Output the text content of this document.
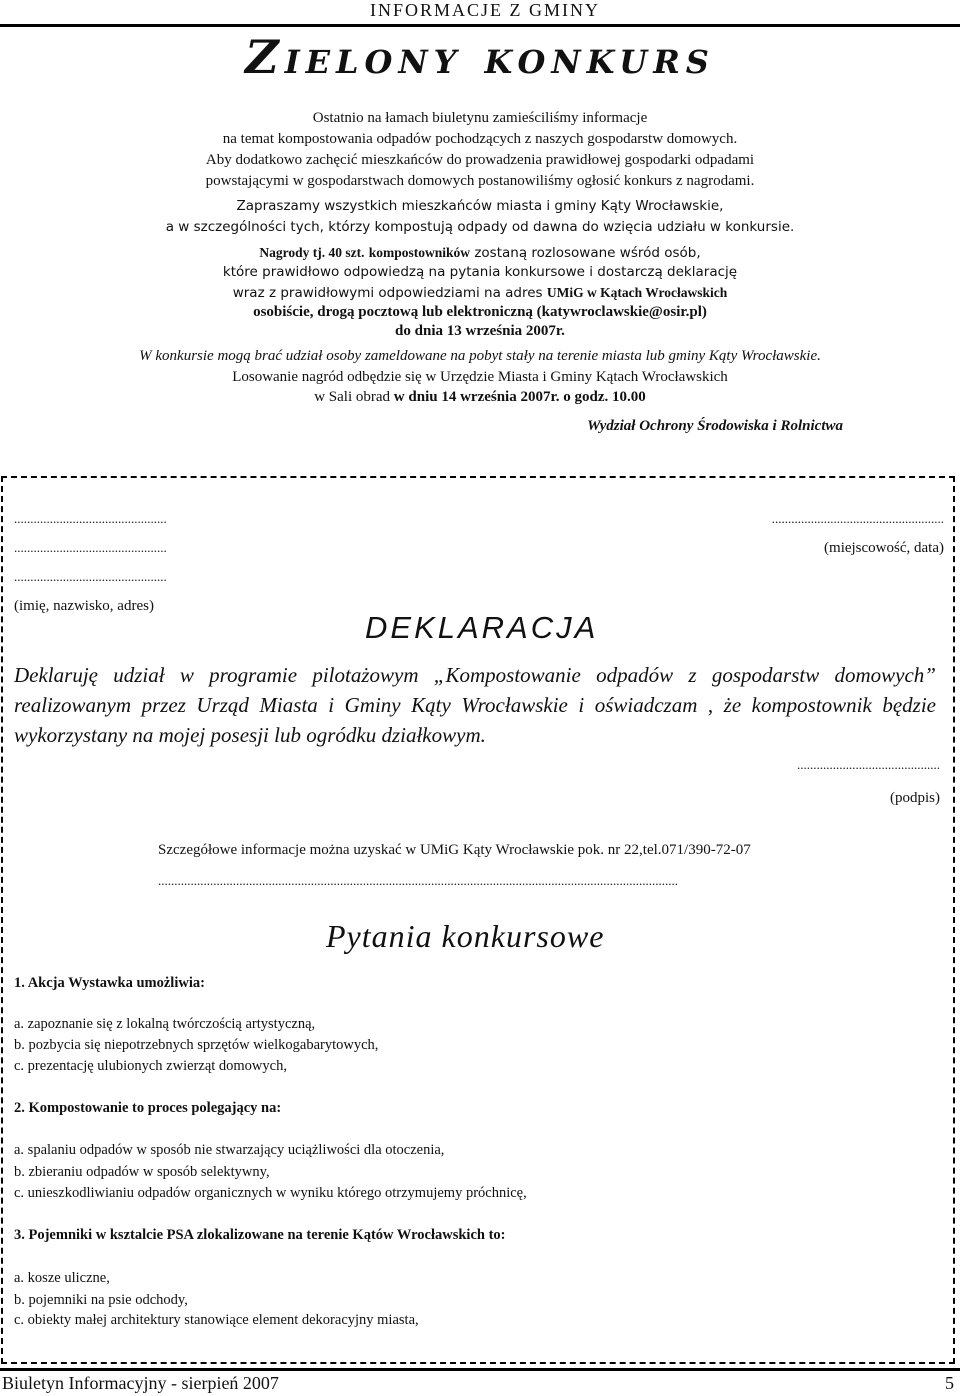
INFORMACJE Z GMINY
Zielony konkurs
Ostatnio na łamach biuletynu zamieściliśmy informacje
na temat kompostowania odpadów pochodzących z naszych gospodarstw domowych.
Aby dodatkowo zachęcić mieszkańców do prowadzenia prawidłowej gospodarki odpadami
powstającymi w gospodarstwach domowych postanowiliśmy ogłosić konkurs z nagrodami.
Zapraszamy wszystkich mieszkańców miasta i gminy Kąty Wrocławskie,
a w szczególności tych, którzy kompostują odpady od dawna do wzięcia udziału w konkursie.
Nagrody tj. 40 szt. kompostowników zostaną rozlosowane wśród osób,
które prawidłowo odpowiedzą na pytania konkursowe i dostarczą deklarację
wraz z prawidłowymi odpowiedziami na adres UMiG w Kątach Wrocławskich
osobiście, drogą pocztową lub elektroniczną (katywroclawskie@osir.pl)
do dnia 13 września 2007r.
W konkursie mogą brać udział osoby zameldowane na pobyt stały na terenie miasta lub gminy Kąty Wrocławskie.
Losowanie nagród odbędzie się w Urzędzie Miasta i Gminy Kątach Wrocławskich
w Sali obrad w dniu 14 września 2007r. o godz. 10.00
Wydział Ochrony Środowiska i Rolnictwa
...............................................
...............................................
...............................................
.....................................................
(miejscowość, data)
(imię, nazwisko, adres)
DEKLARACJA
Deklaruję udział w programie pilotażowym „Kompostowanie odpadów z gospodarstw domowych” realizowanym przez Urząd Miasta i Gminy Kąty Wrocławskie i oświadczam , że kompostownik będzie wykorzystany na mojej posesji lub ogródku działkowym.
............................................
(podpis)
Szczegółowe informacje można uzyskać w UMiG Kąty Wrocławskie pok. nr 22,tel.071/390-72-07
................................................................................................................................................................
Pytania konkursowe
1. Akcja Wystawka umożliwia:
a. zapoznanie się z lokalną twórczością artystyczną,
b. pozbycia się niepotrzebnych sprzętów wielkogabarytowych,
c. prezentację ulubionych zwierząt domowych,
2. Kompostowanie to proces polegający na:
a. spalaniu odpadów w sposób nie stwarzający uciążliwości dla otoczenia,
b. zbieraniu odpadów w sposób selektywny,
c. unieszkodliwianiu odpadów organicznych w wyniku którego otrzymujemy próchnicę,
3. Pojemniki w ksztalcie PSA zlokalizowane na terenie Kątów Wrocławskich to:
a. kosze uliczne,
b. pojemniki na psie odchody,
c. obiekty małej architektury stanowiące element dekoracyjny miasta,
Biuletyn Informacyjny - sierpień 2007	5
